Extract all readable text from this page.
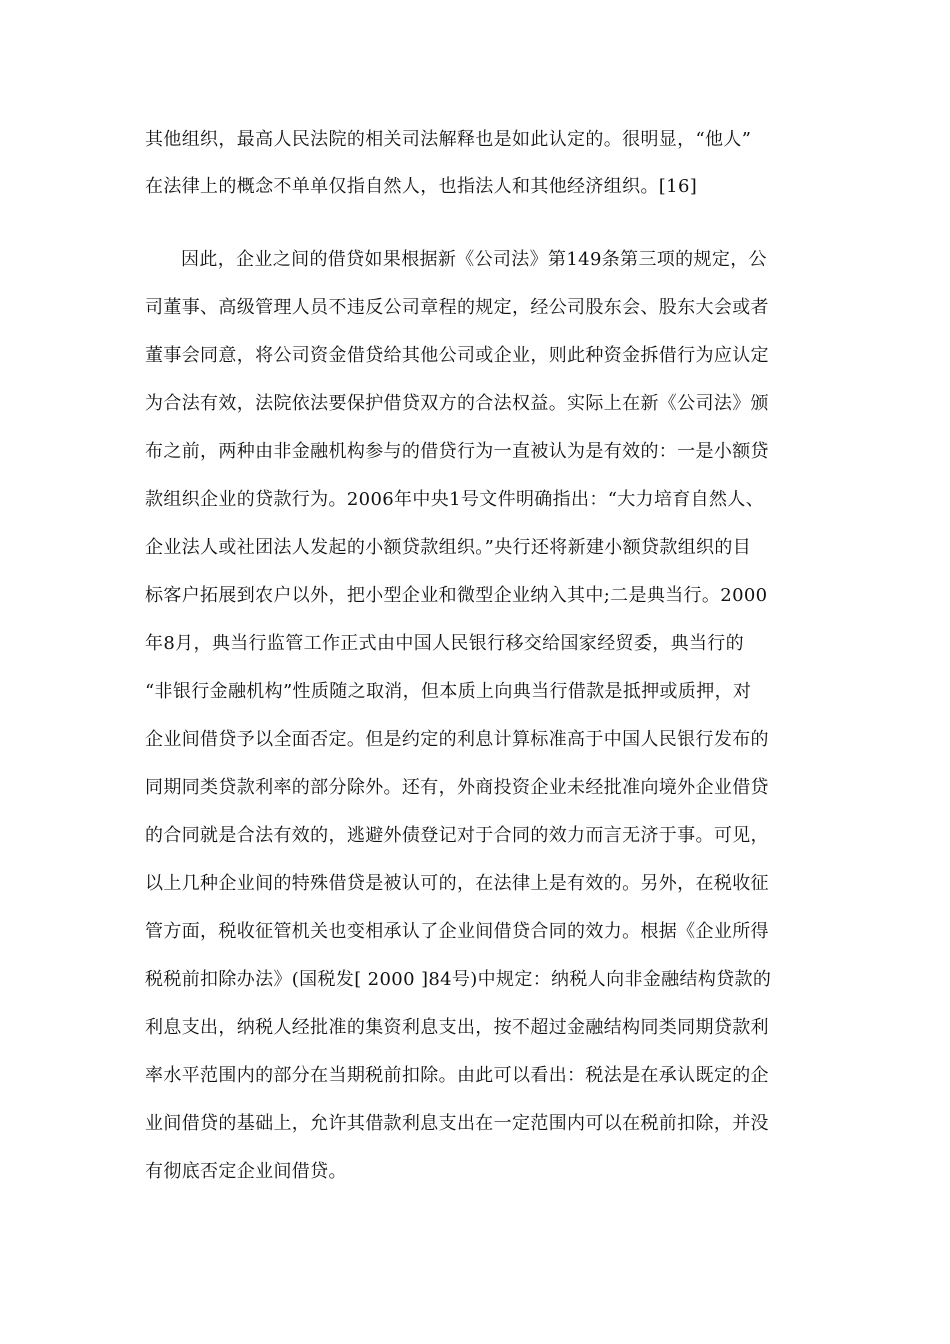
其他组织，最高人民法院的相关司法解释也是如此认定的。很明显，“他人”
在法律上的概念不单单仅指自然人，也指法人和其他经济组织。[16]
因此，企业之间的借贷如果根据新《公司法》第149条第三项的规定，公
司董事、高级管理人员不违反公司章程的规定，经公司股东会、股东大会或者
董事会同意，将公司资金借贷给其他公司或企业，则此种资金拆借行为应认定
为合法有效，法院依法要保护借贷双方的合法权益。实际上在新《公司法》颁
布之前，两种由非金融机构参与的借贷行为一直被认为是有效的：一是小额贷
款组织企业的贷款行为。2006年中央1号文件明确指出：“大力培育自然人、
企业法人或社团法人发起的小额贷款组织。”央行还将新建小额贷款组织的目
标客户拓展到农户以外，把小型企业和微型企业纳入其中;二是典当行。2000
年8月，典当行监管工作正式由中国人民银行移交给国家经贸委，典当行的
“非银行金融机构”性质随之取消，但本质上向典当行借款是抵押或质押，对
企业间借贷予以全面否定。但是约定的利息计算标准高于中国人民银行发布的
同期同类贷款利率的部分除外。还有，外商投资企业未经批准向境外企业借贷
的合同就是合法有效的，逃避外债登记对于合同的效力而言无济于事。可见，
以上几种企业间的特殊借贷是被认可的，在法律上是有效的。另外，在税收征
管方面，税收征管机关也变相承认了企业间借贷合同的效力。根据《企业所得
税税前扣除办法》(国税发[ 2000 ]84号)中规定：纳税人向非金融结构贷款的
利息支出，纳税人经批准的集资利息支出，按不超过金融结构同类同期贷款利
率水平范围内的部分在当期税前扣除。由此可以看出：税法是在承认既定的企
业间借贷的基础上，允许其借款利息支出在一定范围内可以在税前扣除，并没
有彻底否定企业间借贷。
